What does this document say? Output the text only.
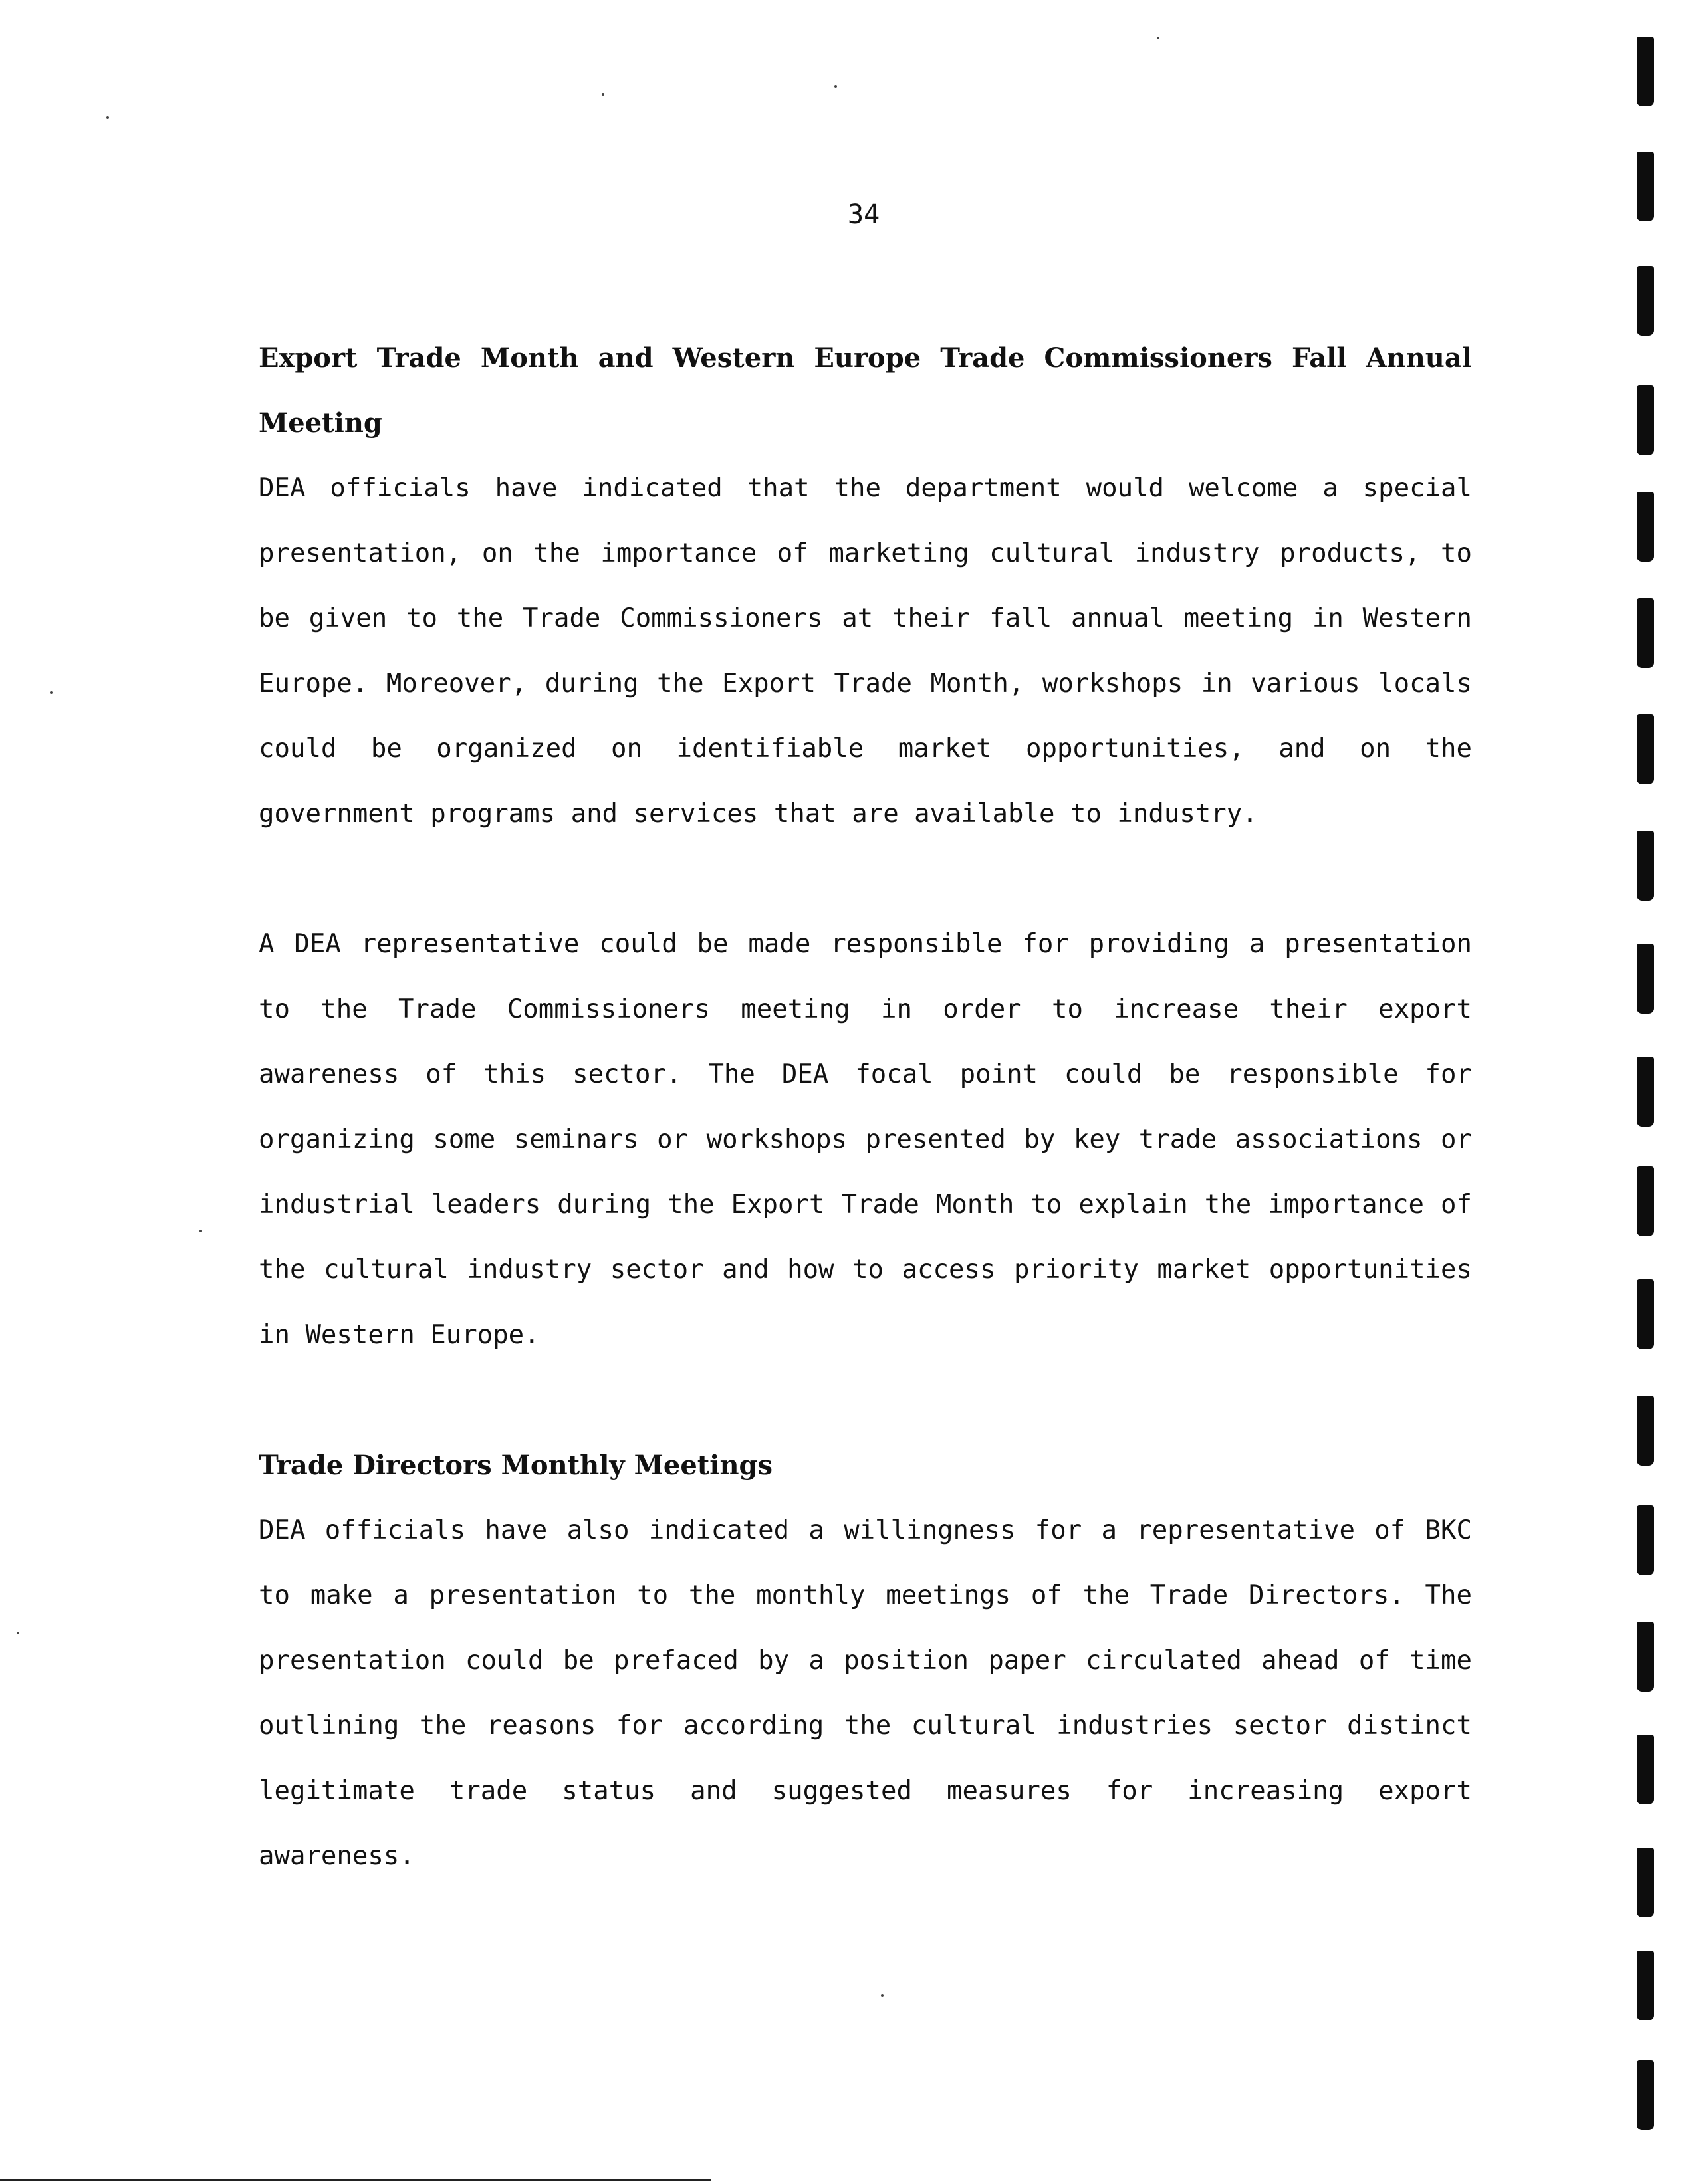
34

Export Trade Month and Western Europe Trade Commissioners Fall Annual Meeting

DEA officials have indicated that the department would welcome a special presentation, on the importance of marketing cultural industry products, to be given to the Trade Commissioners at their fall annual meeting in Western Europe. Moreover, during the Export Trade Month, workshops in various locals could be organized on identifiable market opportunities, and on the government programs and services that are available to industry.

A DEA representative could be made responsible for providing a presentation to the Trade Commissioners meeting in order to increase their export awareness of this sector. The DEA focal point could be responsible for organizing some seminars or workshops presented by key trade associations or industrial leaders during the Export Trade Month to explain the importance of the cultural industry sector and how to access priority market opportunities in Western Europe.

Trade Directors Monthly Meetings

DEA officials have also indicated a willingness for a representative of BKC to make a presentation to the monthly meetings of the Trade Directors. The presentation could be prefaced by a position paper circulated ahead of time outlining the reasons for according the cultural industries sector distinct legitimate trade status and suggested measures for increasing export awareness.
